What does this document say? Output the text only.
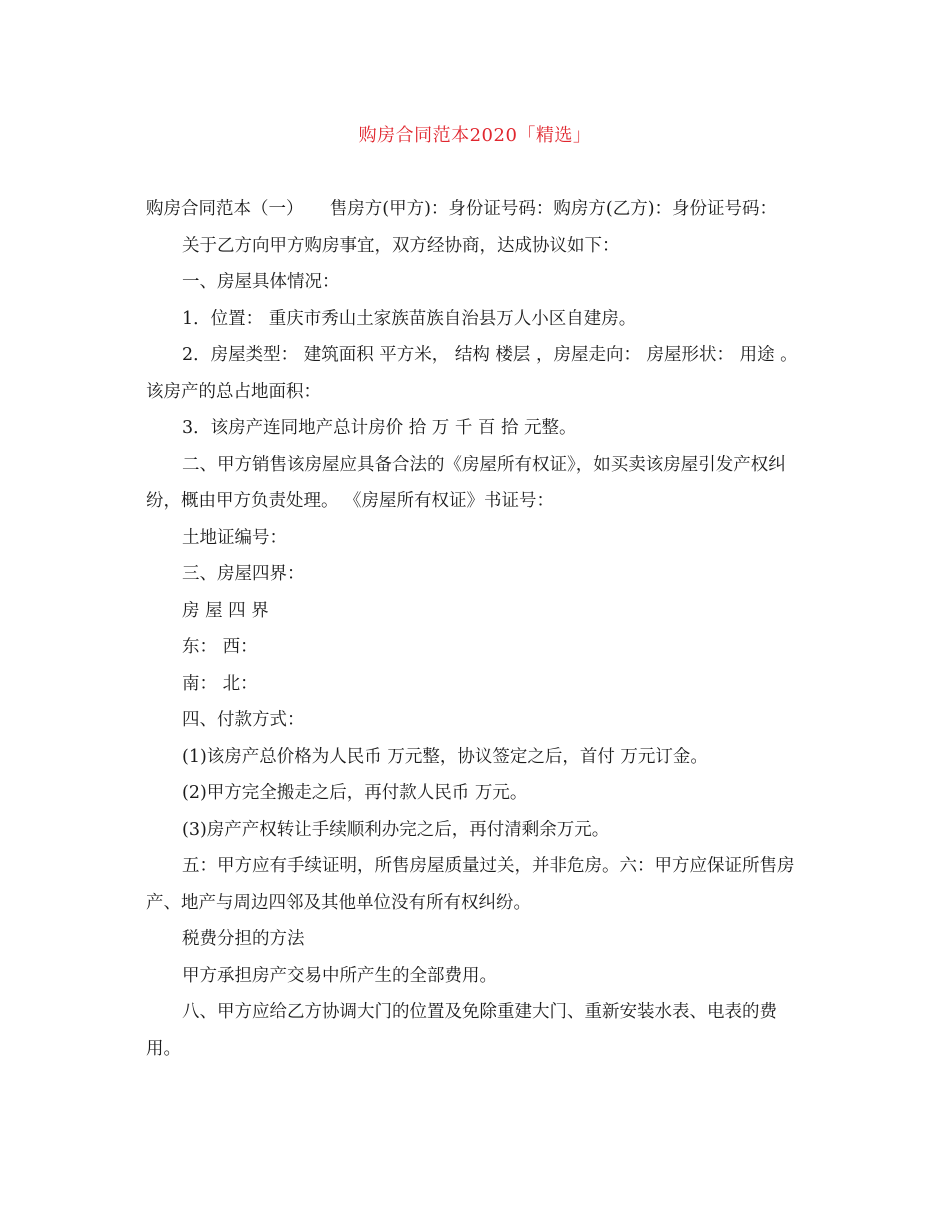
购房合同范本2020「精选」

购房合同范本（一）　　售房方(甲方)：身份证号码：购房方(乙方)：身份证号码：

关于乙方向甲方购房事宜，双方经协商，达成协议如下：

一、房屋具体情况：

1．位置： 重庆市秀山土家族苗族自治县万人小区自建房。

2．房屋类型： 建筑面积 平方米， 结构 楼层 ，房屋走向： 房屋形状： 用途 。该房产的总占地面积：

3．该房产连同地产总计房价 拾 万 千 百 拾 元整。

二、甲方销售该房屋应具备合法的《房屋所有权证》，如买卖该房屋引发产权纠纷，概由甲方负责处理。 《房屋所有权证》书证号：

土地证编号：

三、房屋四界：

房 屋 四 界

东： 西：

南： 北：

四、付款方式：

(1)该房产总价格为人民币 万元整，协议签定之后，首付 万元订金。

(2)甲方完全搬走之后，再付款人民币 万元。

(3)房产产权转让手续顺利办完之后，再付清剩余万元。

五：甲方应有手续证明，所售房屋质量过关，并非危房。六：甲方应保证所售房产、地产与周边四邻及其他单位没有所有权纠纷。

税费分担的方法

甲方承担房产交易中所产生的全部费用。

八、甲方应给乙方协调大门的位置及免除重建大门、重新安装水表、电表的费用。
